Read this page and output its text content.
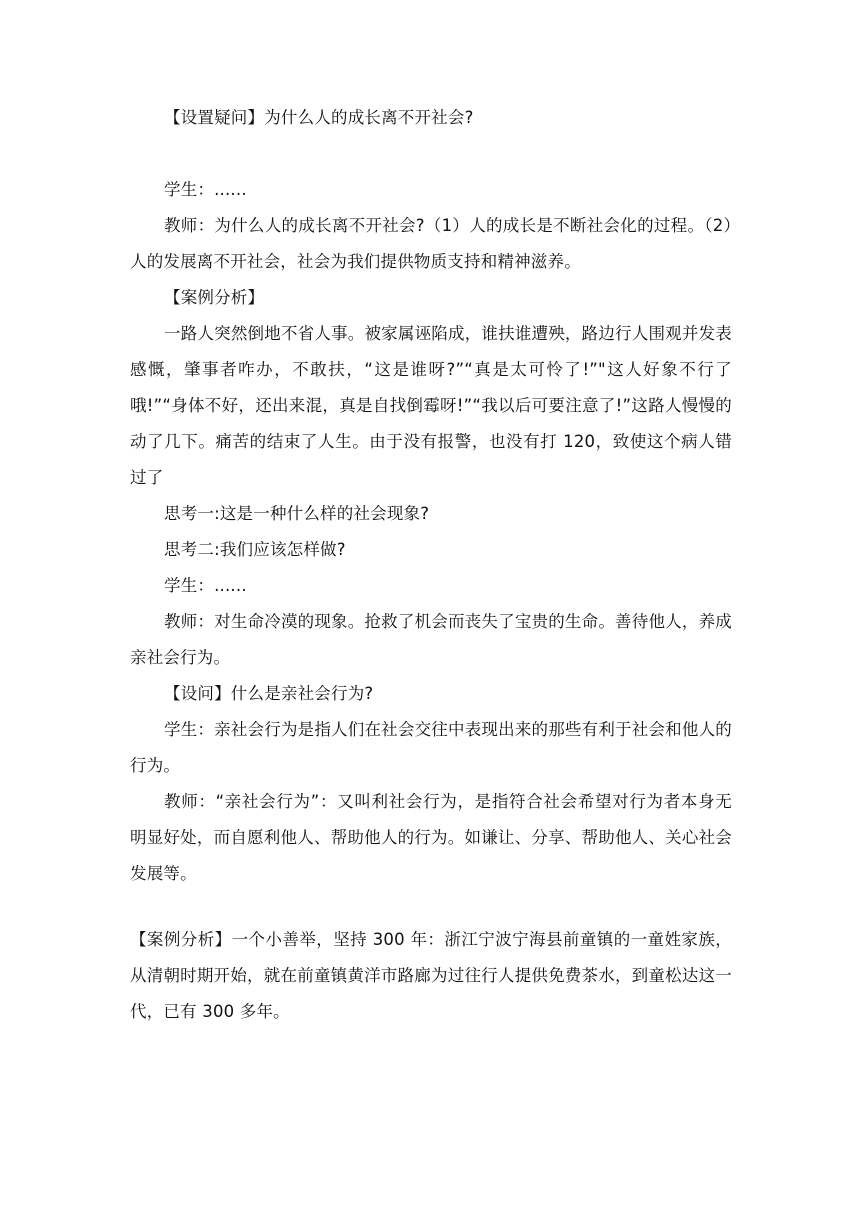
【设置疑问】为什么人的成长离不开社会?

学生：......

教师：为什么人的成长离不开社会?（1）人的成长是不断社会化的过程。（2）人的发展离不开社会，社会为我们提供物质支持和精神滋养。

【案例分析】

一路人突然倒地不省人事。被家属诬陷成，谁扶谁遭殃，路边行人围观并发表感慨，肇事者咋办，不敢扶，“这是谁呀?”“真是太可怜了!”"这人好象不行了哦!”“身体不好，还出来混，真是自找倒霉呀!”“我以后可要注意了!”这路人慢慢的动了几下。痛苦的结束了人生。由于没有报警，也没有打 120，致使这个病人错过了

思考一:这是一种什么样的社会现象?

思考二:我们应该怎样做?

学生：......

教师：对生命冷漠的现象。抢救了机会而丧失了宝贵的生命。善待他人，养成亲社会行为。

【设问】什么是亲社会行为?

学生：亲社会行为是指人们在社会交往中表现出来的那些有利于社会和他人的行为。

教师：“亲社会行为”：又叫利社会行为，是指符合社会希望对行为者本身无明显好处，而自愿利他人、帮助他人的行为。如谦让、分享、帮助他人、关心社会发展等。

【案例分析】一个小善举，坚持 300 年：浙江宁波宁海县前童镇的一童姓家族，从清朝时期开始，就在前童镇黄洋市路廊为过往行人提供免费茶水，到童松达这一代，已有 300 多年。
